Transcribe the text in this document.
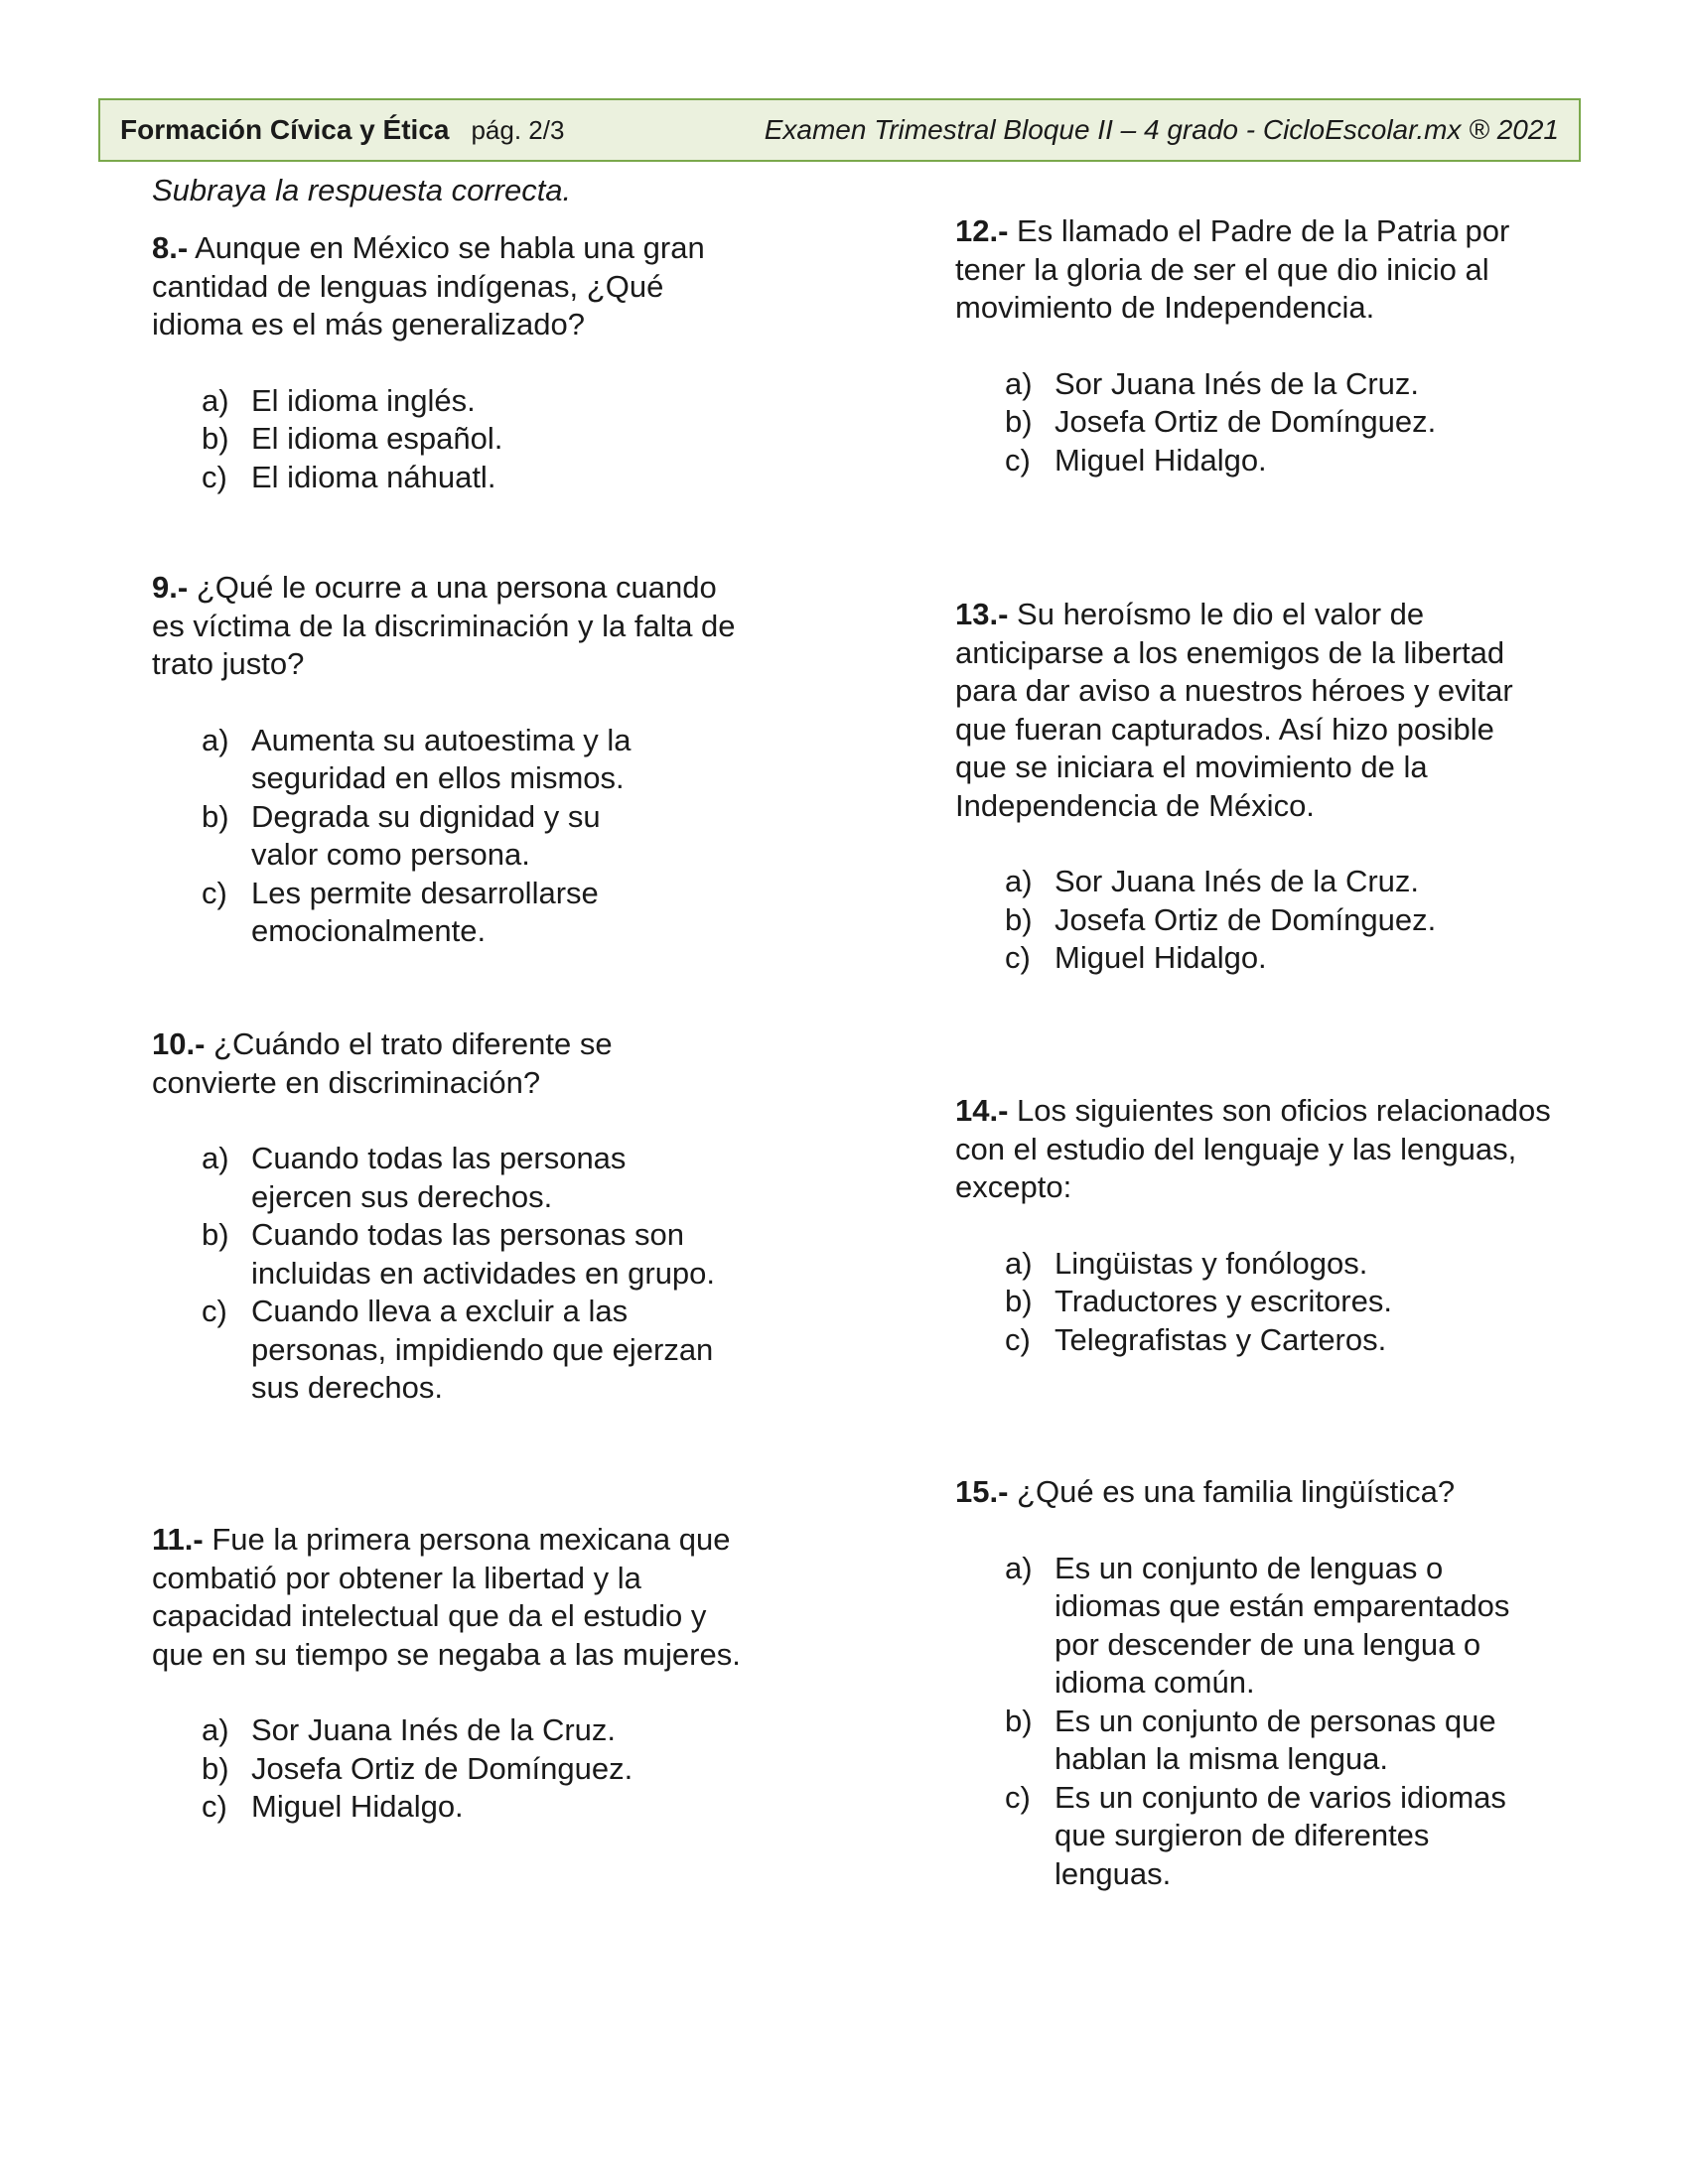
Formación Cívica y Ética pág. 2/3	Examen Trimestral Bloque II – 4 grado - CicloEscolar.mx ® 2021
Subraya la respuesta correcta.

8.- Aunque en México se habla una gran cantidad de lenguas indígenas, ¿Qué idioma es el más generalizado?

a) El idioma inglés.
b) El idioma español.
c) El idioma náhuatl.

9.- ¿Qué le ocurre a una persona cuando es víctima de la discriminación y la falta de trato justo?

a) Aumenta su autoestima y la seguridad en ellos mismos.
b) Degrada su dignidad y su valor como persona.
c) Les permite desarrollarse emocionalmente.

10.- ¿Cuándo el trato diferente se convierte en discriminación?

a) Cuando todas las personas ejercen sus derechos.
b) Cuando todas las personas son incluidas en actividades en grupo.
c) Cuando lleva a excluir a las personas, impidiendo que ejerzan sus derechos.

11.- Fue la primera persona mexicana que combatió por obtener la libertad y la capacidad intelectual que da el estudio y que en su tiempo se negaba a las mujeres.

a) Sor Juana Inés de la Cruz.
b) Josefa Ortiz de Domínguez.
c) Miguel Hidalgo.

12.- Es llamado el Padre de la Patria por tener la gloria de ser el que dio inicio al movimiento de Independencia.

a) Sor Juana Inés de la Cruz.
b) Josefa Ortiz de Domínguez.
c) Miguel Hidalgo.

13.- Su heroísmo le dio el valor de anticiparse a los enemigos de la libertad para dar aviso a nuestros héroes y evitar que fueran capturados. Así hizo posible que se iniciara el movimiento de la Independencia de México.

a) Sor Juana Inés de la Cruz.
b) Josefa Ortiz de Domínguez.
c) Miguel Hidalgo.

14.- Los siguientes son oficios relacionados con el estudio del lenguaje y las lenguas, excepto:

a) Lingüistas y fonólogos.
b) Traductores y escritores.
c) Telegrafistas y Carteros.

15.- ¿Qué es una familia lingüística?

a) Es un conjunto de lenguas o idiomas que están emparentados por descender de una lengua o idioma común.
b) Es un conjunto de personas que hablan la misma lengua.
c) Es un conjunto de varios idiomas que surgieron de diferentes lenguas.
